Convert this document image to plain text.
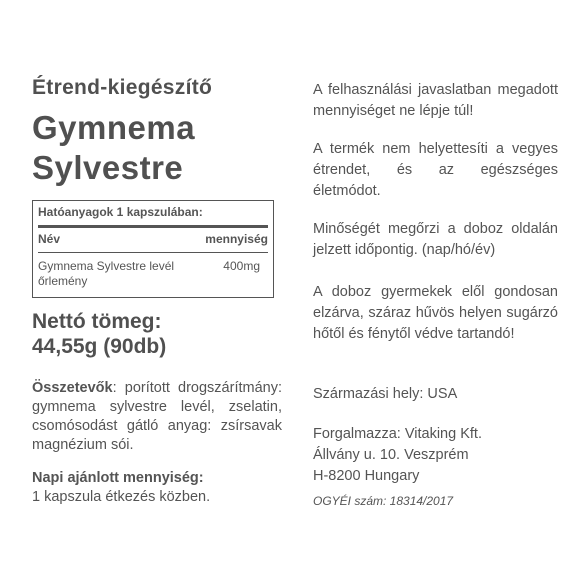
Étrend-kiegészítő
Gymnema
Sylvestre
Hatóanyagok 1 kapszulában:
Név	mennyiség
Gymnema Sylvestre levél őrlemény
400mg
Nettó tömeg:
44,55g (90db)
Összetevők: porított drogszárítmány: gymnema sylvestre levél, zselatin, csomósodást gátló anyag: zsírsavak magnézium sói.
Napi ajánlott mennyiség:
1 kapszula étkezés közben.
A felhasználási javaslatban megadott mennyiséget ne lépje túl!
A termék nem helyettesíti a vegyes étrendet, és az egészséges életmódot.
Minőségét megőrzi a doboz oldalán jelzett időpontig. (nap/hó/év)
A doboz gyermekek elől gondosan elzárva, száraz hűvös helyen sugárzó hőtől és fénytől védve tartandó!
Származási hely: USA
Forgalmazza: Vitaking Kft.
Állvány u. 10. Veszprém
H-8200 Hungary
OGYÉI szám: 18314/2017
